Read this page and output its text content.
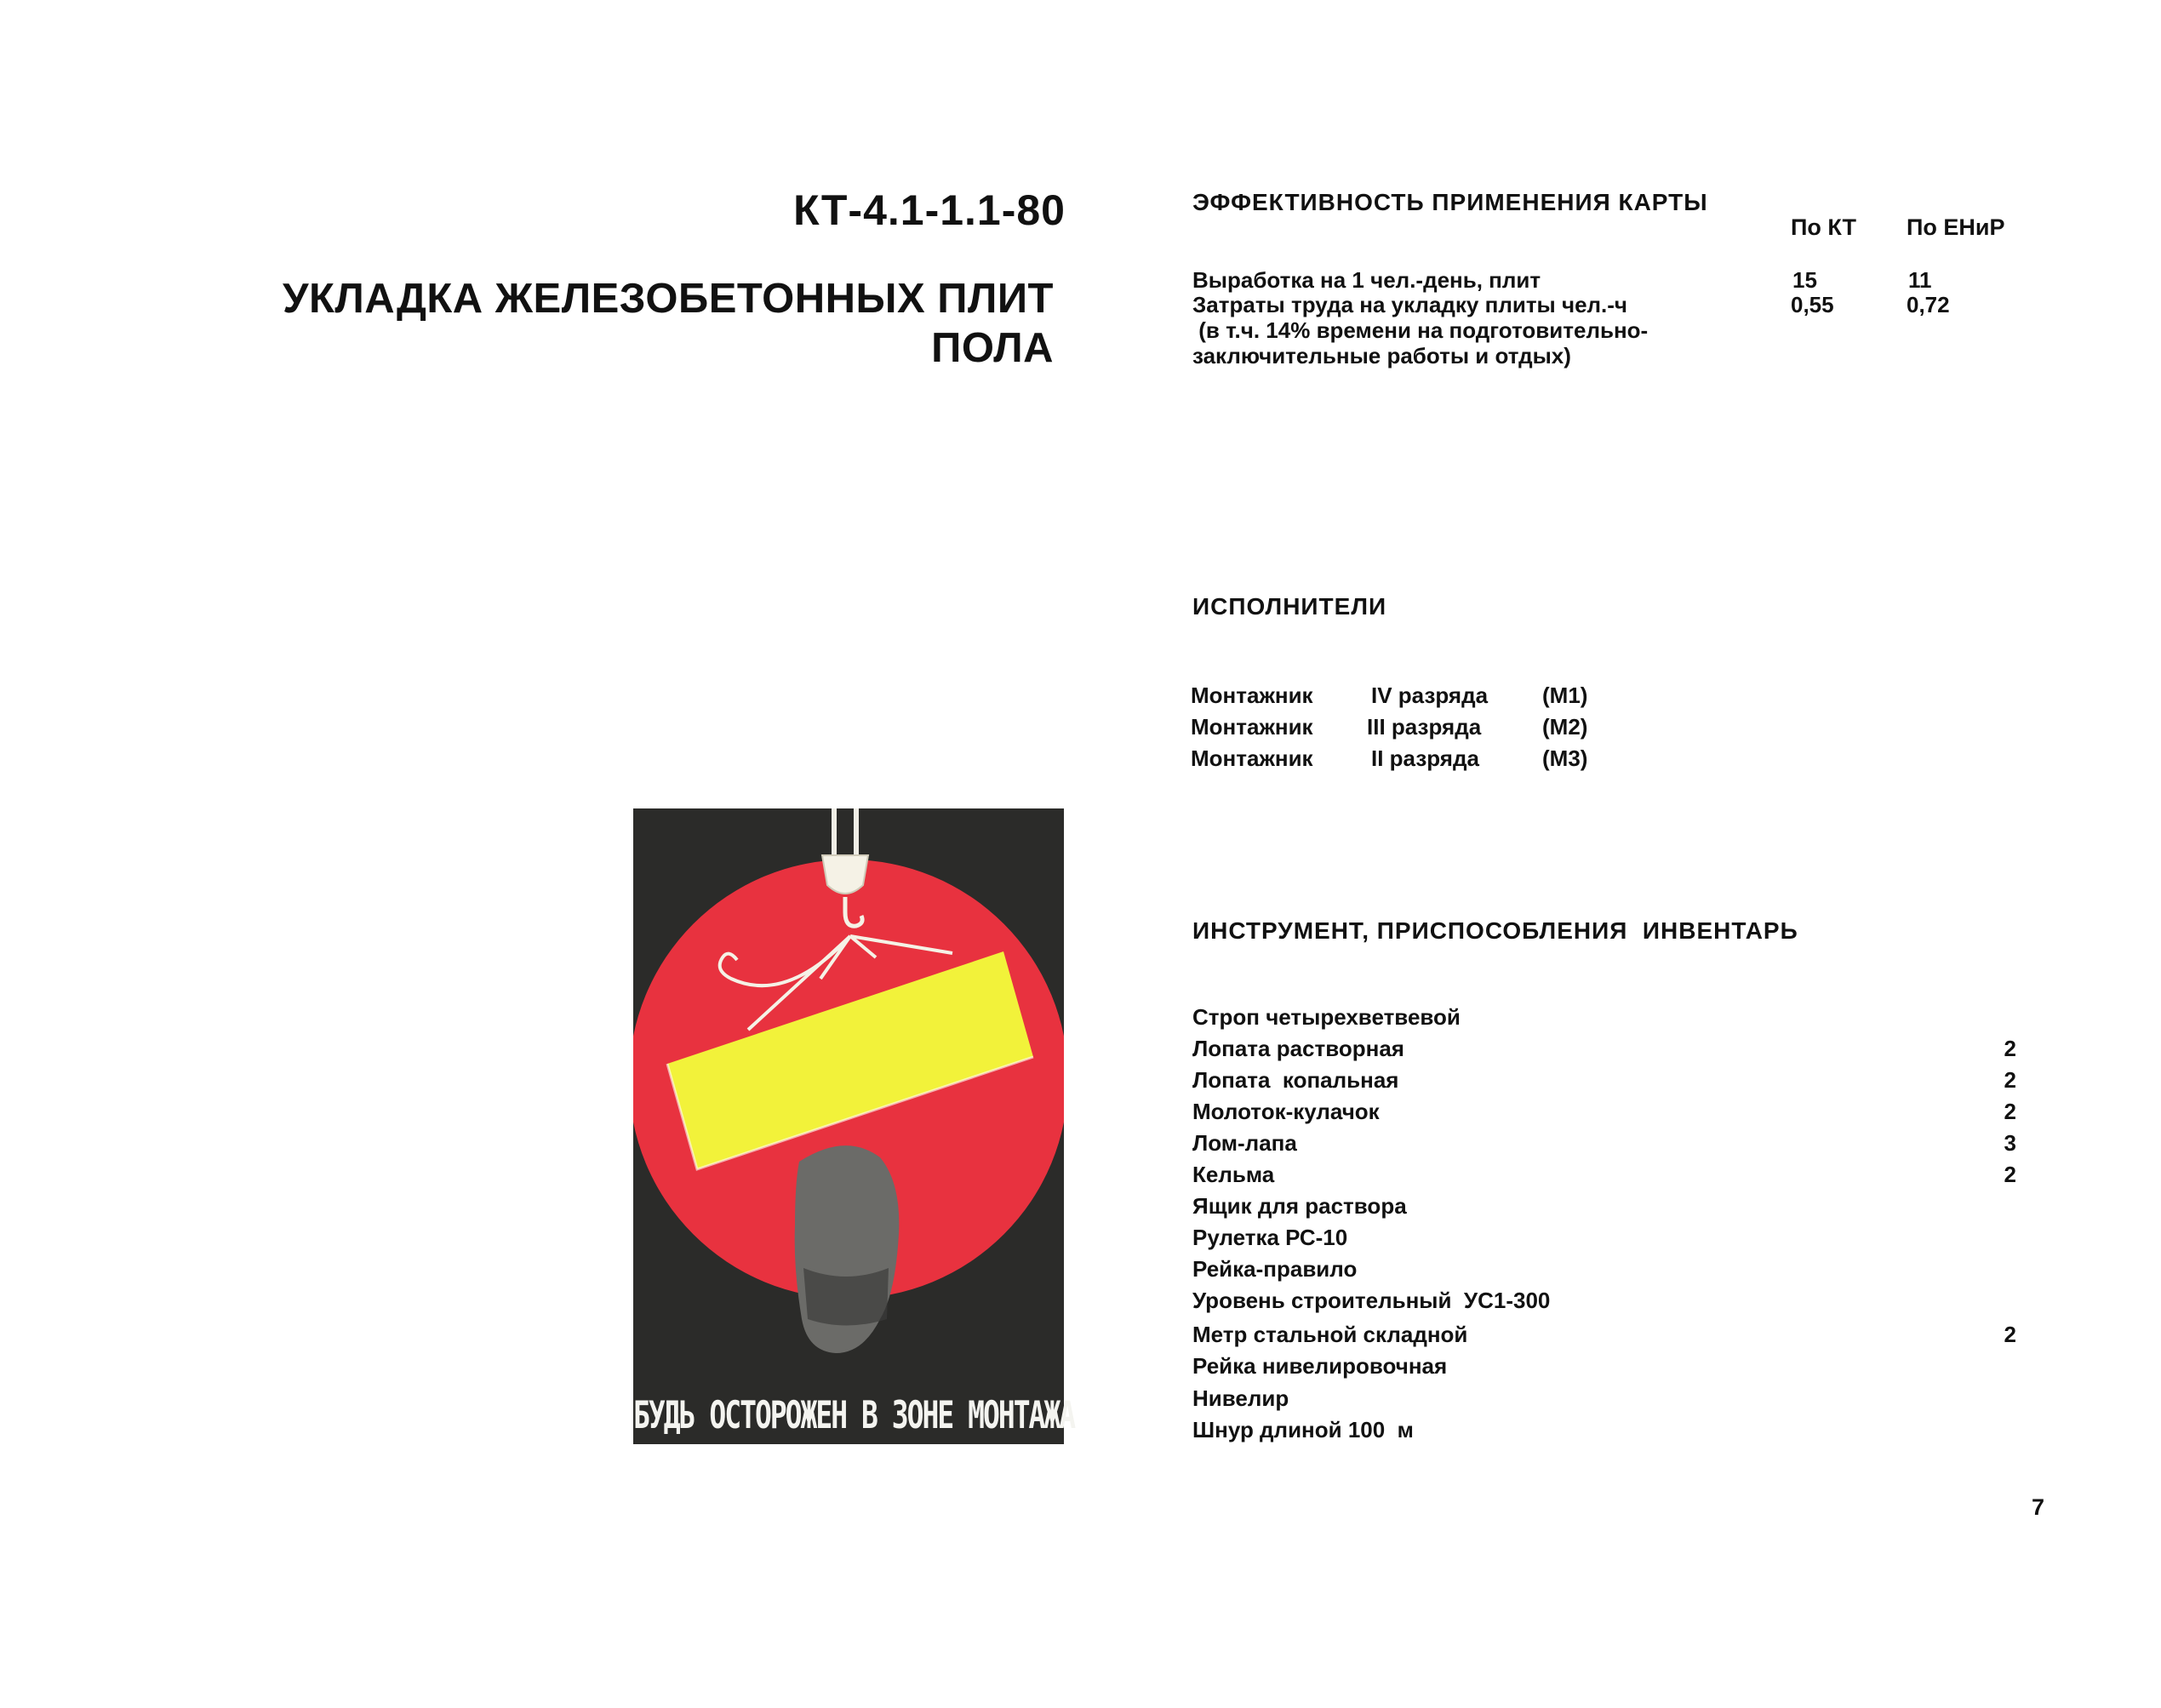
КТ-4.1-1.1-80
УКЛАДКА ЖЕЛЕЗОБЕТОННЫХ ПЛИТ
ПОЛА
ЭФФЕКТИВНОСТЬ ПРИМЕНЕНИЯ КАРТЫ
По КТ По ЕНиР
Выработка на 1 чел.-день, плит	15	11
Затраты труда на укладку плиты чел.-ч	0,55	0,72
(в т.ч. 14% времени на подготовительно-
заключительные работы и отдых)
ИСПОЛНИТЕЛИ
Монтажник	IV разряда (М1)
Монтажник III разряда	(М2)
Монтажник	II разряда	(М3)
ИНСТРУМЕНТ, ПРИСПОСОБЛЕНИЯ  ИНВЕНТАРЬ
Строп четырехветвевой
Лопата растворная	2
Лопата  копальная	2
Молоток-кулачок	2
Лом-лапа	3
Кельма	2
Ящик для раствора
Рулетка РС-10
Рейка-правило
Уровень строительный  УС1-300
Метр стальной складной	2
Рейка нивелировочная
Нивелир
Шнур длиной 100  м
БУДЬ ОСТОРОЖЕН В ЗОНЕ МОНТАЖА
7
